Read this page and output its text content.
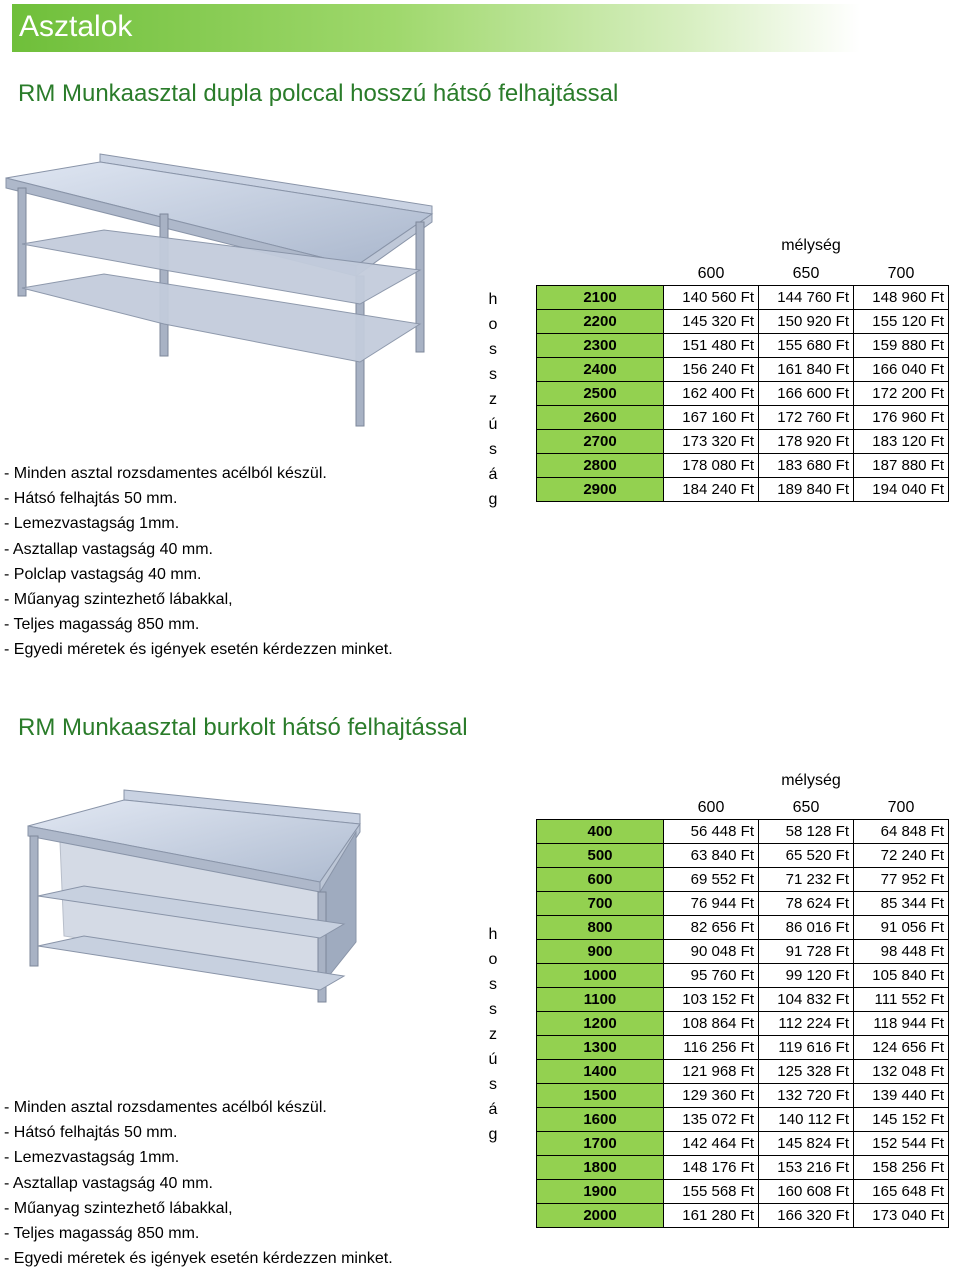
Asztalok
RM Munkaasztal dupla polccal hosszú hátsó felhajtással
- Minden asztal rozsdamentes acélból készül.
- Hátsó felhajtás 50 mm.
- Lemezvastagság 1mm.
- Asztallap vastagság 40 mm.
- Polclap vastagság 40 mm.
- Műanyag szintezhető lábakkal,
- Teljes magasság 850 mm.
- Egyedi méretek és igények esetén kérdezzen minket.
mélység
h
o
s
s
z
ú
s
á
g
	600	650	700
2100	140 560 Ft	144 760 Ft	148 960 Ft
2200	145 320 Ft	150 920 Ft	155 120 Ft
2300	151 480 Ft	155 680 Ft	159 880 Ft
2400	156 240 Ft	161 840 Ft	166 040 Ft
2500	162 400 Ft	166 600 Ft	172 200 Ft
2600	167 160 Ft	172 760 Ft	176 960 Ft
2700	173 320 Ft	178 920 Ft	183 120 Ft
2800	178 080 Ft	183 680 Ft	187 880 Ft
2900	184 240 Ft	189 840 Ft	194 040 Ft
RM Munkaasztal burkolt hátsó felhajtással
- Minden asztal rozsdamentes acélból készül.
- Hátsó felhajtás 50 mm.
- Lemezvastagság 1mm.
- Asztallap vastagság 40 mm.
- Műanyag szintezhető lábakkal,
- Teljes magasság 850 mm.
- Egyedi méretek és igények esetén kérdezzen minket.
mélység
h
o
s
s
z
ú
s
á
g
	600	650	700
400	56 448 Ft	58 128 Ft	64 848 Ft
500	63 840 Ft	65 520 Ft	72 240 Ft
600	69 552 Ft	71 232 Ft	77 952 Ft
700	76 944 Ft	78 624 Ft	85 344 Ft
800	82 656 Ft	86 016 Ft	91 056 Ft
900	90 048 Ft	91 728 Ft	98 448 Ft
1000	95 760 Ft	99 120 Ft	105 840 Ft
1100	103 152 Ft	104 832 Ft	111 552 Ft
1200	108 864 Ft	112 224 Ft	118 944 Ft
1300	116 256 Ft	119 616 Ft	124 656 Ft
1400	121 968 Ft	125 328 Ft	132 048 Ft
1500	129 360 Ft	132 720 Ft	139 440 Ft
1600	135 072 Ft	140 112 Ft	145 152 Ft
1700	142 464 Ft	145 824 Ft	152 544 Ft
1800	148 176 Ft	153 216 Ft	158 256 Ft
1900	155 568 Ft	160 608 Ft	165 648 Ft
2000	161 280 Ft	166 320 Ft	173 040 Ft
